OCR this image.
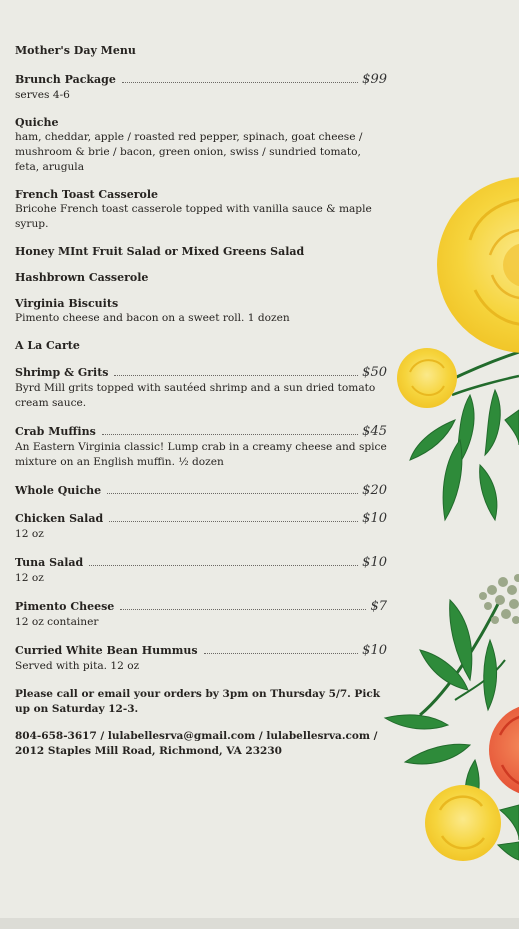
Mother's Day Menu
Brunch Package	$99
serves 4-6
Quiche
ham, cheddar, apple / roasted red pepper, spinach, goat cheese / mushroom & brie / bacon, green onion, swiss / sundried tomato, feta, arugula
French Toast Casserole
Bricohe French toast casserole topped with vanilla sauce & maple syrup.
Honey MInt Fruit Salad or Mixed Greens Salad
Hashbrown Casserole
Virginia Biscuits
Pimento cheese and bacon on a sweet roll. 1 dozen
A La Carte
Shrimp & Grits	$50
Byrd Mill grits topped with sautéed shrimp and a sun dried tomato cream sauce.
Crab Muffins	$45
An Eastern Virginia classic! Lump crab in a creamy cheese and spice mixture on an English muffin. ½ dozen
Whole Quiche	$20
Chicken Salad	$10
12 oz
Tuna Salad	$10
12 oz
Pimento Cheese	$7
12 oz container
Curried White Bean Hummus	$10
Served with pita. 12 oz
Please call or email your orders by 3pm on Thursday 5/7. Pick up on Saturday 12-3.
804-658-3617 / lulabellesrva@gmail.com / lulabellesrva.com / 2012 Staples Mill Road, Richmond, VA 23230
